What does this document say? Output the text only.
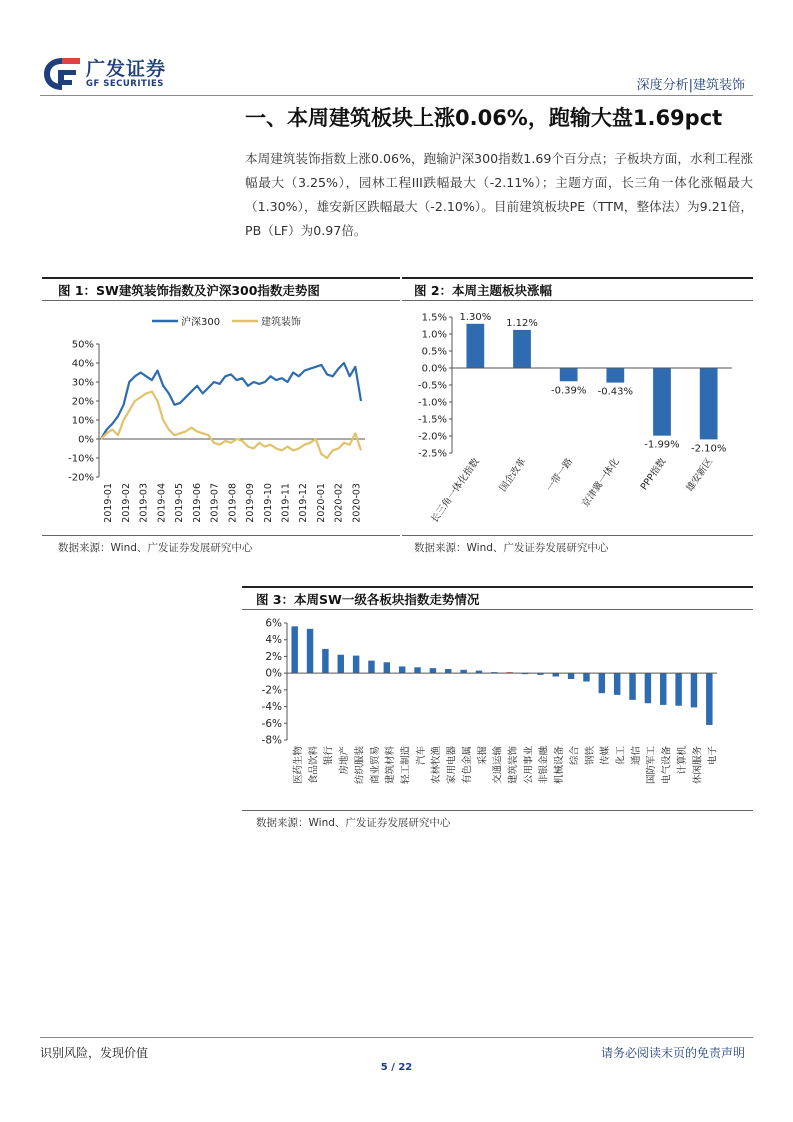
广发证券
GF SECURITIES	深度分析|建筑装饰
一、本周建筑板块上涨0.06%，跑输大盘1.69pct
本周建筑装饰指数上涨0.06%，跑输沪深300指数1.69个百分点；子板块方面，水利工程涨幅最大（3.25%），园林工程III跌幅最大（-2.11%）；主题方面，长三角一体化涨幅最大（1.30%），雄安新区跌幅最大（-2.10%）。目前建筑板块PE（TTM，整体法）为9.21倍，PB（LF）为0.97倍。
图 1：SW建筑装饰指数及沪深300指数走势图
沪深300	建筑装饰
50%
40%
30%
20%
10%
0%
-10%
-20%
2019-01 2019-02 2019-03 2019-04 2019-05 2019-06 2019-07 2019-08 2019-09 2019-10 2019-11 2019-12 2020-01 2020-02 2020-03
数据来源：Wind、广发证券发展研究中心
图 2：本周主题板块涨幅
1.5%
1.0%
0.5%
0.0%
-0.5%
-1.0%
-1.5%
-2.0%
-2.5%
1.30%
长三角一体化指数
1.12%
国企改革
-0.39%
一带一路
-0.43%
京津冀一体化
-1.99%
PPP指数
-2.10%
雄安新区
数据来源：Wind、广发证券发展研究中心
图 3：本周SW一级各板块指数走势情况
6%
4%
2%
0%
-2%
-4%
-6%
-8%
医药生物 食品饮料 银行 房地产 纺织服装 商业贸易 建筑材料 轻工制造 汽车 农林牧渔 家用电器 有色金属 采掘 交通运输 建筑装饰 公用事业 非银金融 机械设备 综合 钢铁 传媒 化工 通信 国防军工 电气设备 计算机 休闲服务 电子
数据来源：Wind、广发证券发展研究中心
识别风险，发现价值	请务必阅读末页的免责声明
5 / 22
